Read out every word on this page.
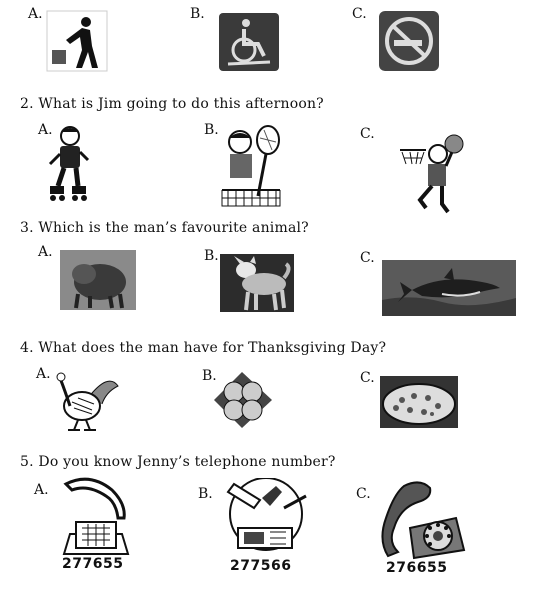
A.	B.	C.
2. What is Jim going to do this afternoon?
A.	B.	C.
3. Which is the man’s favourite animal?
A.	B.	C.
4. What does the man have for Thanksgiving Day?
A.	B.	C.
5. Do you know Jenny’s telephone number?
A.	B.	C.
277655	277566	276655
